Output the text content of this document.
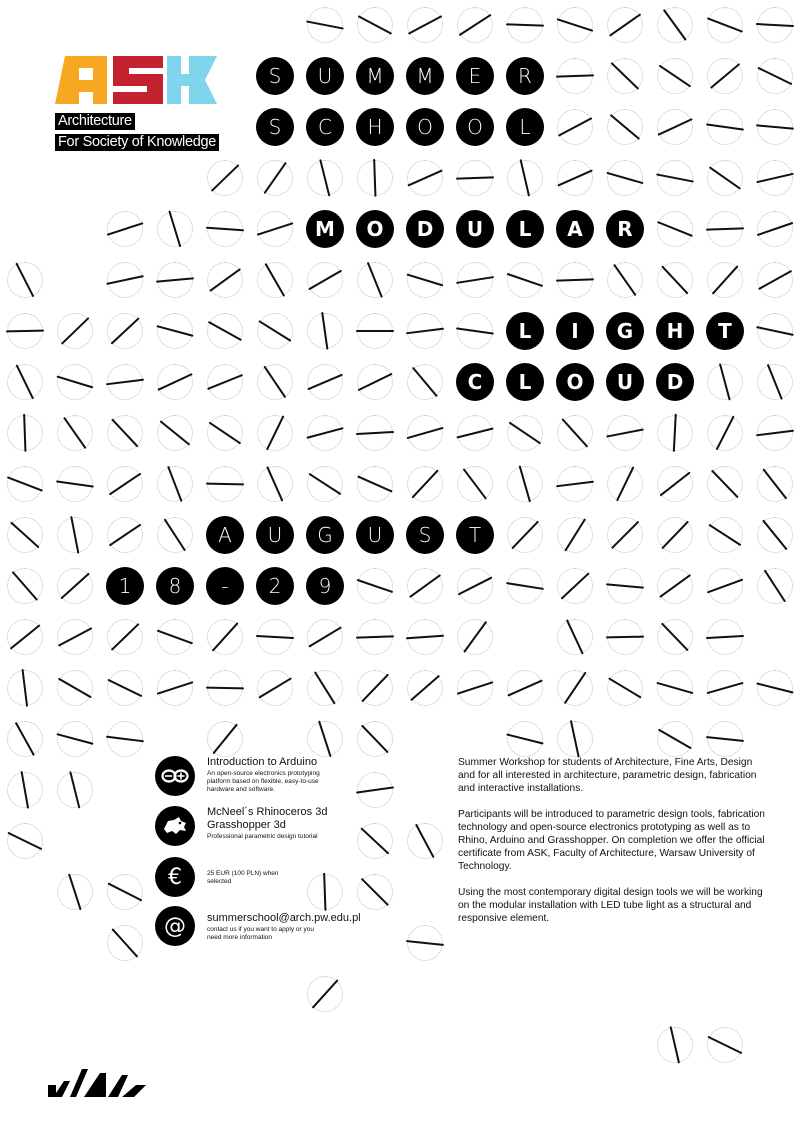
S	U	M	M	E	R
S	C	H	O	O	L
M	O	D	U	L	A	R
L	I	G	H	T
C	L	O	U	D
A	U	G	U	S	T
1	8	-	2	9
Architecture
For Society of Knowledge
Introduction to Arduino
An open-source electronics prototyping platform based on flexible, easy-to-use hardware and software.
McNeel´s Rhinoceros 3d Grasshopper 3d
Professional parametric design tutorial
€	25 EUR (100 PLN) when selected
@	summerschool@arch.pw.edu.pl
contact us if you want to apply or you need more information

Summer Workshop for students of Architecture, Fine Arts, Design and for all interested in architecture, parametric design, fabrication and interactive installations.

Participants will be introduced to parametric design tools, fabrication technology and open-source electronics prototyping as well as to Rhino, Arduino and Grasshopper. On completion we offer the official certificate from ASK, Faculty of Architecture, Warsaw University of Technology.

Using the most contemporary digital design tools we will be working on the modular installation with LED tube light as a structural and responsive element.
